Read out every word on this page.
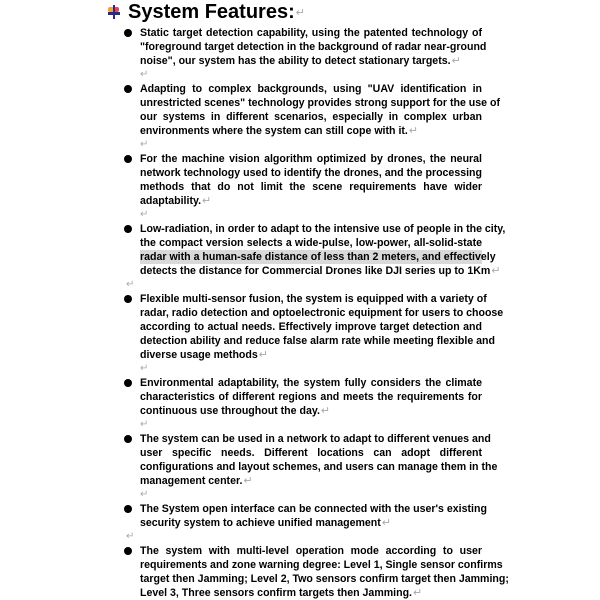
System Features: ↵
Static target detection capability, using the patented technology of
"foreground target detection in the background of radar near-ground
noise", our system has the ability to detect stationary targets.↵
↵
Adapting to complex backgrounds, using "UAV identification in
unrestricted scenes" technology provides strong support for the use of
our systems in different scenarios, especially in complex urban
environments where the system can still cope with it.↵
↵
For the machine vision algorithm optimized by drones, the neural
network technology used to identify the drones, and the processing
methods that do not limit the scene requirements have wider
adaptability.↵
↵
Low-radiation, in order to adapt to the intensive use of people in the city,
the compact version selects a wide-pulse, low-power, all-solid-state
radar with a human-safe distance of less than 2 meters, and effectively
detects the distance for Commercial Drones like DJI series up to 1Km↵
↵
Flexible multi-sensor fusion, the system is equipped with a variety of
radar, radio detection and optoelectronic equipment for users to choose
according to actual needs. Effectively improve target detection and
detection ability and reduce false alarm rate while meeting flexible and
diverse usage methods↵
↵
Environmental adaptability, the system fully considers the climate
characteristics of different regions and meets the requirements for
continuous use throughout the day.↵
↵
The system can be used in a network to adapt to different venues and
user specific needs. Different locations can adopt different
configurations and layout schemes, and users can manage them in the
management center.↵
↵
The System open interface can be connected with the user's existing
security system to achieve unified management↵
↵
The system with multi-level operation mode according to user
requirements and zone warning degree: Level 1, Single sensor confirms
target then Jamming; Level 2, Two sensors confirm target then Jamming;
Level 3, Three sensors confirm targets then Jamming.↵
